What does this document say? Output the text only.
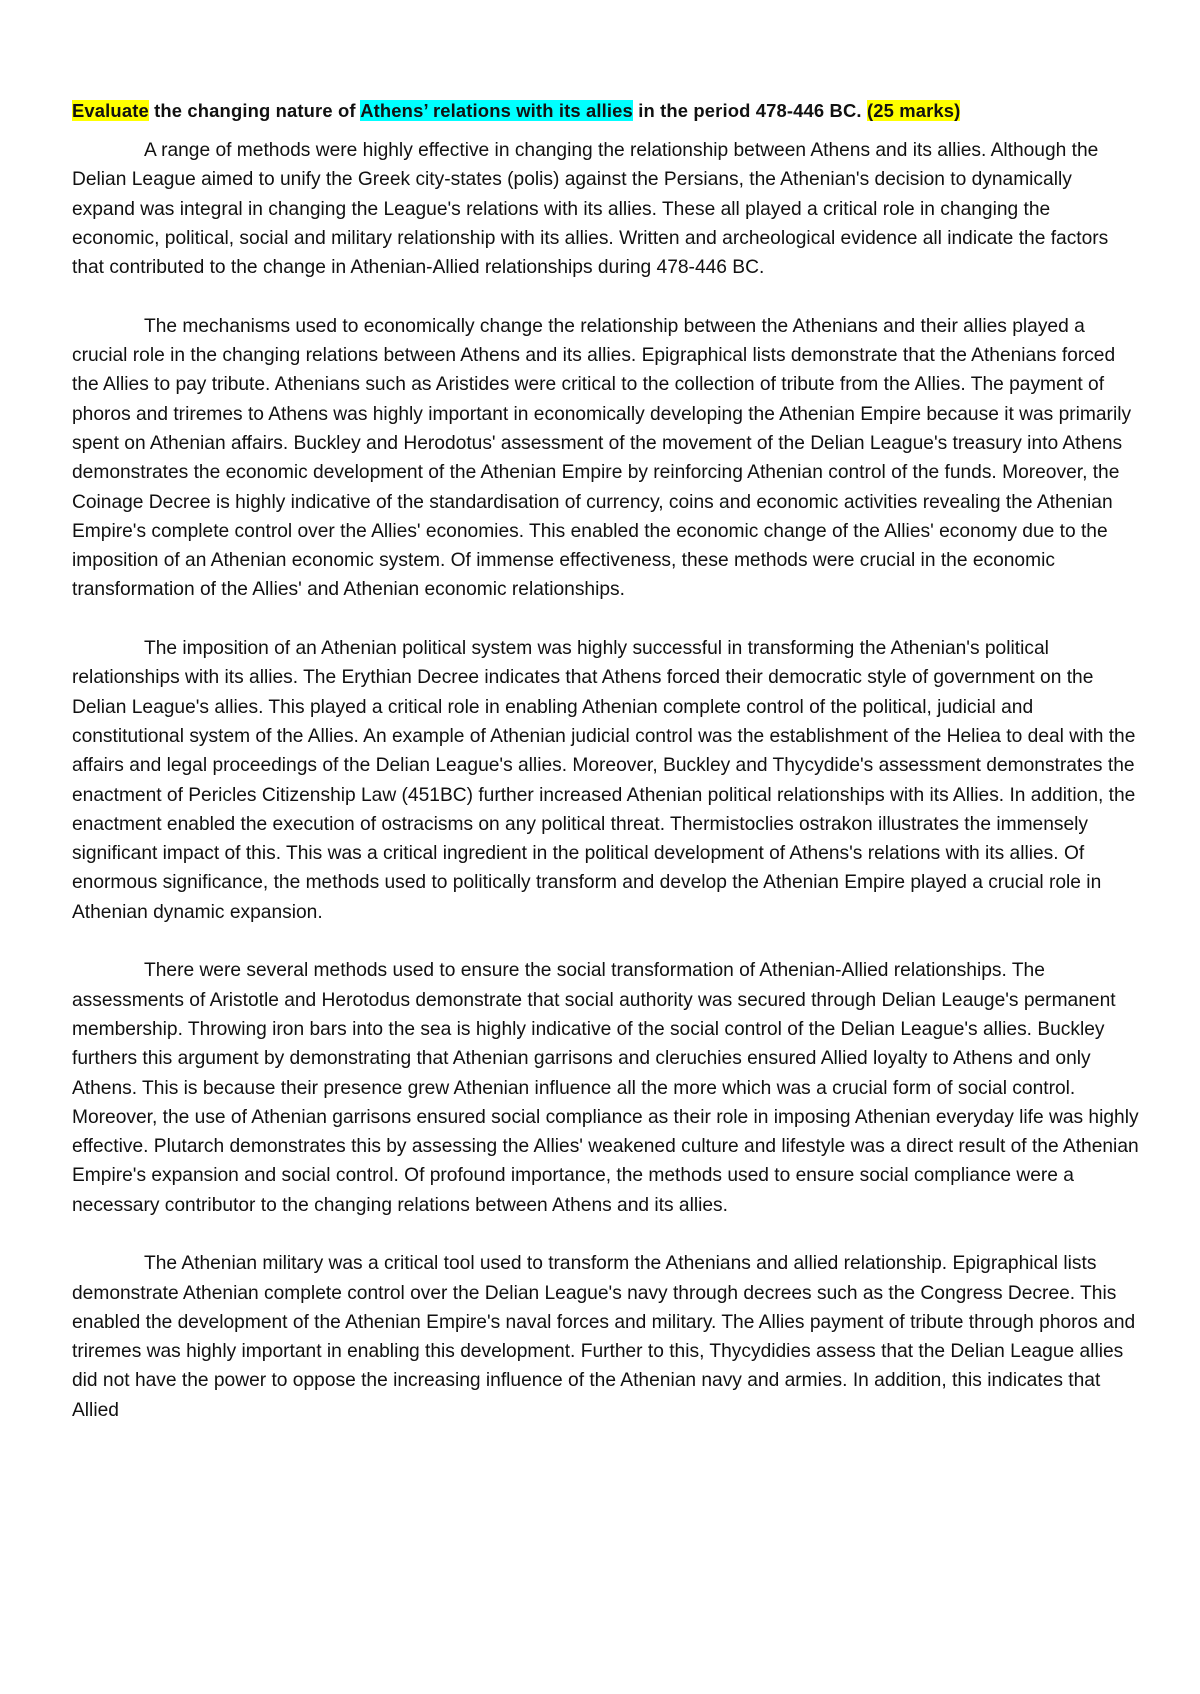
Evaluate the changing nature of Athens’ relations with its allies in the period 478-446 BC. (25 marks)

A range of methods were highly effective in changing the relationship between Athens and its allies. Although the Delian League aimed to unify the Greek city-states (polis) against the Persians, the Athenian's decision to dynamically expand was integral in changing the League's relations with its allies. These all played a critical role in changing the economic, political, social and military relationship with its allies. Written and archeological evidence all indicate the factors that contributed to the change in Athenian-Allied relationships during 478-446 BC.

The mechanisms used to economically change the relationship between the Athenians and their allies played a crucial role in the changing relations between Athens and its allies. Epigraphical lists demonstrate that the Athenians forced the Allies to pay tribute. Athenians such as Aristides were critical to the collection of tribute from the Allies. The payment of phoros and triremes to Athens was highly important in economically developing the Athenian Empire because it was primarily spent on Athenian affairs. Buckley and Herodotus' assessment of the movement of the Delian League's treasury into Athens demonstrates the economic development of the Athenian Empire by reinforcing Athenian control of the funds. Moreover, the Coinage Decree is highly indicative of the standardisation of currency, coins and economic activities revealing the Athenian Empire's complete control over the Allies' economies. This enabled the economic change of the Allies' economy due to the imposition of an Athenian economic system. Of immense effectiveness, these methods were crucial in the economic transformation of the Allies' and Athenian economic relationships.

The imposition of an Athenian political system was highly successful in transforming the Athenian's political relationships with its allies. The Erythian Decree indicates that Athens forced their democratic style of government on the Delian League's allies. This played a critical role in enabling Athenian complete control of the political, judicial and constitutional system of the Allies. An example of Athenian judicial control was the establishment of the Heliea to deal with the affairs and legal proceedings of the Delian League's allies. Moreover, Buckley and Thycydide's assessment demonstrates the enactment of Pericles Citizenship Law (451BC) further increased Athenian political relationships with its Allies. In addition, the enactment enabled the execution of ostracisms on any political threat. Thermistoclies ostrakon illustrates the immensely significant impact of this. This was a critical ingredient in the political development of Athens's relations with its allies. Of enormous significance, the methods used to politically transform and develop the Athenian Empire played a crucial role in Athenian dynamic expansion.

There were several methods used to ensure the social transformation of Athenian-Allied relationships. The assessments of Aristotle and Herotodus demonstrate that social authority was secured through Delian Leauge's permanent membership. Throwing iron bars into the sea is highly indicative of the social control of the Delian League's allies. Buckley furthers this argument by demonstrating that Athenian garrisons and cleruchies ensured Allied loyalty to Athens and only Athens. This is because their presence grew Athenian influence all the more which was a crucial form of social control. Moreover, the use of Athenian garrisons ensured social compliance as their role in imposing Athenian everyday life was highly effective. Plutarch demonstrates this by assessing the Allies' weakened culture and lifestyle was a direct result of the Athenian Empire's expansion and social control. Of profound importance, the methods used to ensure social compliance were a necessary contributor to the changing relations between Athens and its allies.

The Athenian military was a critical tool used to transform the Athenians and allied relationship. Epigraphical lists demonstrate Athenian complete control over the Delian League's navy through decrees such as the Congress Decree. This enabled the development of the Athenian Empire's naval forces and military. The Allies payment of tribute through phoros and triremes was highly important in enabling this development. Further to this, Thycydidies assess that the Delian League allies did not have the power to oppose the increasing influence of the Athenian navy and armies. In addition, this indicates that Allied
